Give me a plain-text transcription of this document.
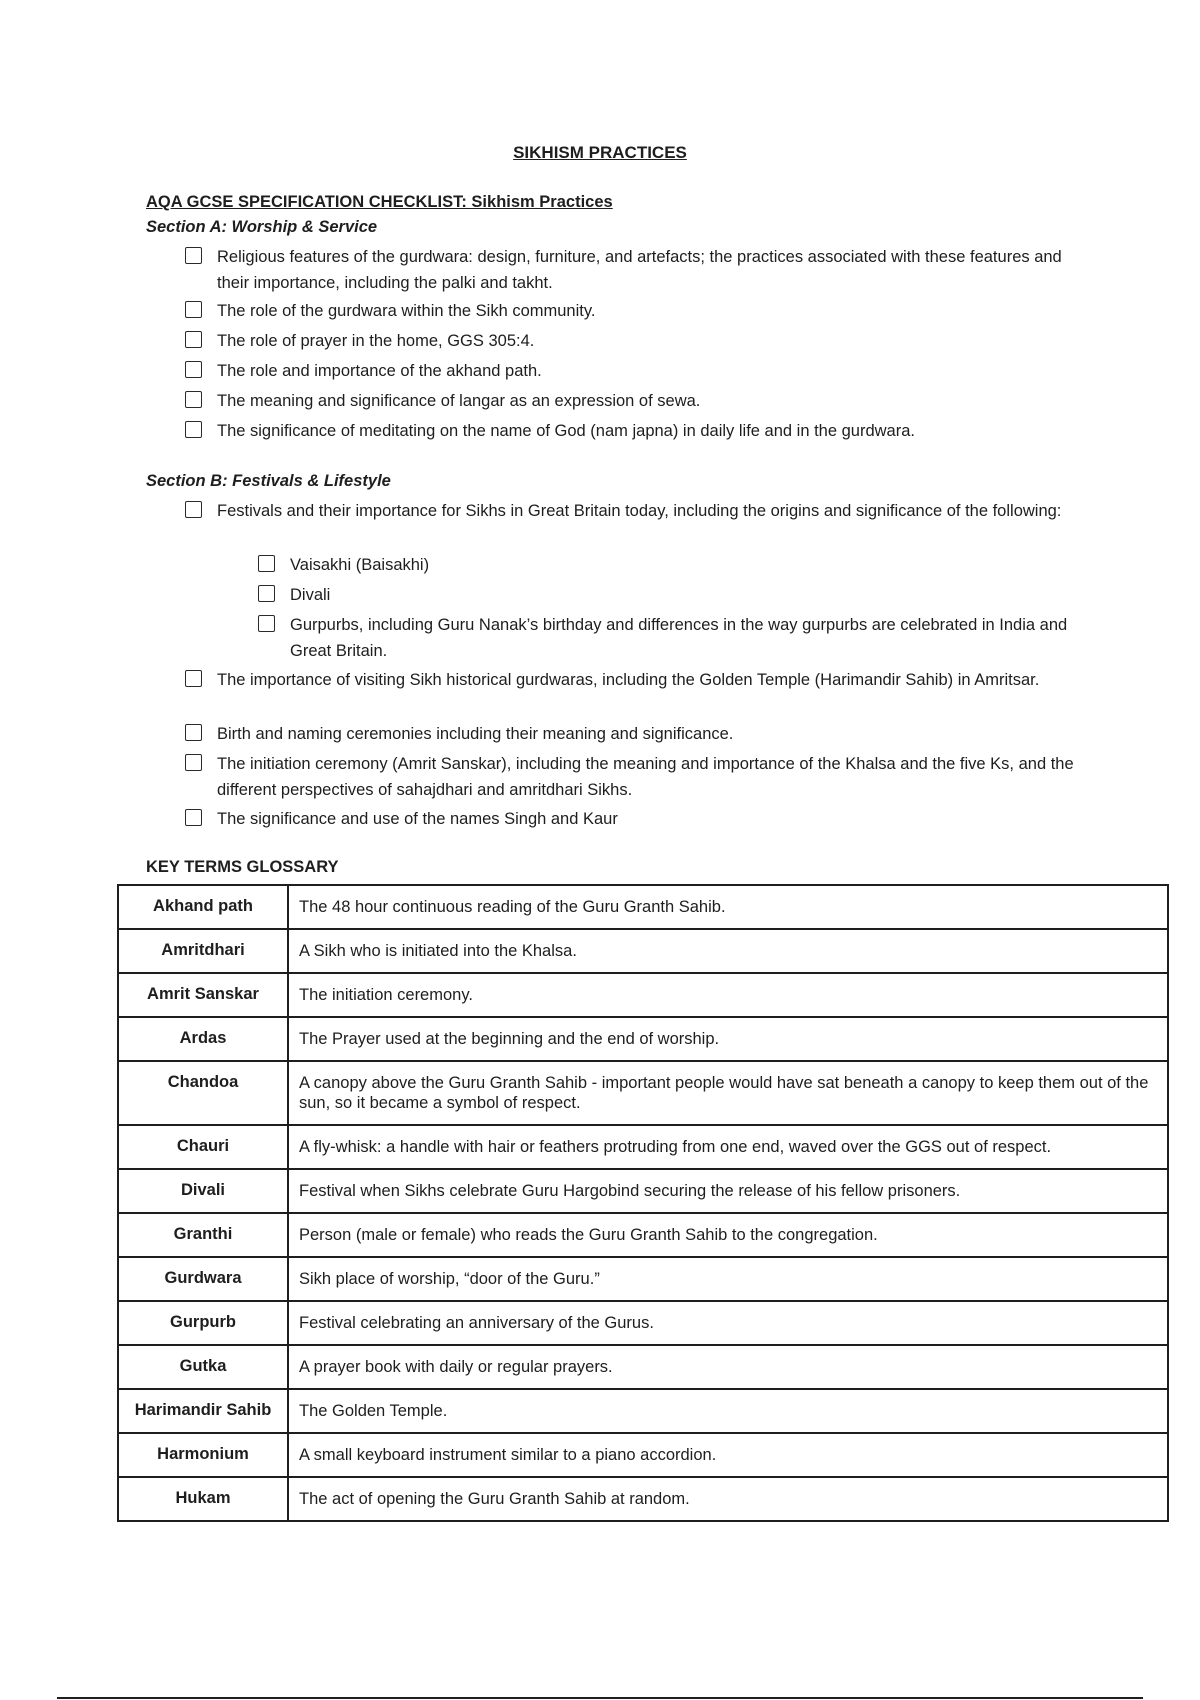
SIKHISM PRACTICES
AQA GCSE SPECIFICATION CHECKLIST: Sikhism Practices
Section A: Worship & Service
Religious features of the gurdwara: design, furniture, and artefacts; the practices associated with these features and their importance, including the palki and takht.
The role of the gurdwara within the Sikh community.
The role of prayer in the home, GGS 305:4.
The role and importance of the akhand path.
The meaning and significance of langar as an expression of sewa.
The significance of meditating on the name of God (nam japna) in daily life and in the gurdwara.
Section B: Festivals & Lifestyle
Festivals and their importance for Sikhs in Great Britain today, including the origins and significance of the following:
Vaisakhi (Baisakhi)
Divali
Gurpurbs, including Guru Nanak’s birthday and differences in the way gurpurbs are celebrated in India and Great Britain.
The importance of visiting Sikh historical gurdwaras, including the Golden Temple (Harimandir Sahib) in Amritsar.
Birth and naming ceremonies including their meaning and significance.
The initiation ceremony (Amrit Sanskar), including the meaning and importance of the Khalsa and the five Ks, and the different perspectives of sahajdhari and amritdhari Sikhs.
The significance and use of the names Singh and Kaur
KEY TERMS GLOSSARY
Akhand path	The 48 hour continuous reading of the Guru Granth Sahib.

Amritdhari	A Sikh who is initiated into the Khalsa.

Amrit Sanskar	The initiation ceremony.

Ardas	The Prayer used at the beginning and the end of worship.

Chandoa	A canopy above the Guru Granth Sahib - important people would have sat beneath a canopy to keep them out of the sun, so it became a symbol of respect.

Chauri	A fly-whisk: a handle with hair or feathers protruding from one end, waved over the GGS out of respect.

Divali	Festival when Sikhs celebrate Guru Hargobind securing the release of his fellow prisoners.

Granthi	Person (male or female) who reads the Guru Granth Sahib to the congregation.

Gurdwara	Sikh place of worship, “door of the Guru.”

Gurpurb	Festival celebrating an anniversary of the Gurus.

Gutka	A prayer book with daily or regular prayers.

Harimandir Sahib	The Golden Temple.

Harmonium	A small keyboard instrument similar to a piano accordion.

Hukam	The act of opening the Guru Granth Sahib at random.
